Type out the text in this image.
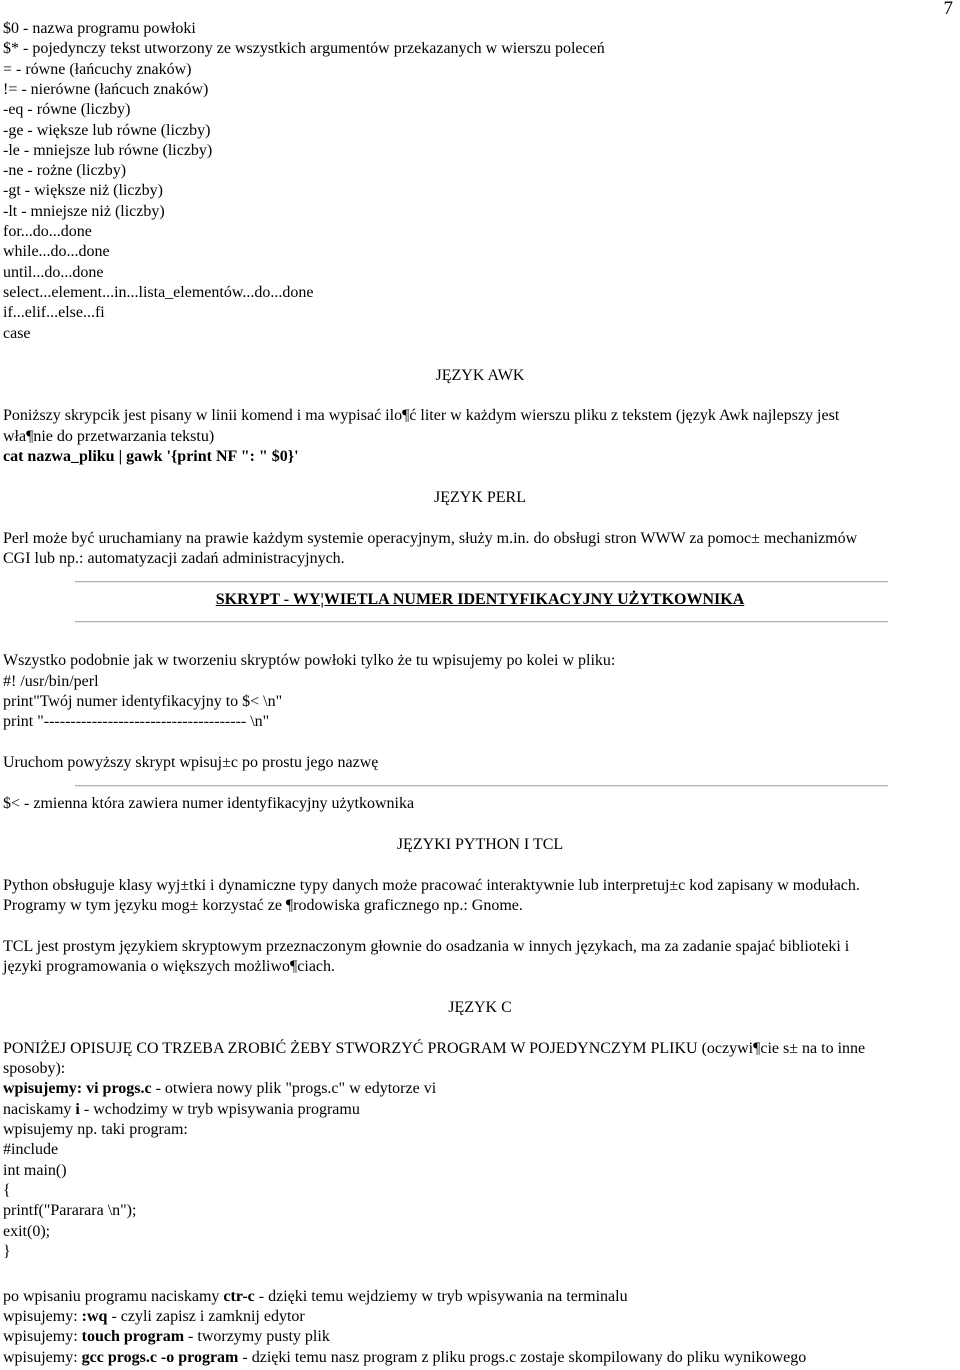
7
$0 - nazwa programu powłoki
$* - pojedynczy tekst utworzony ze wszystkich argumentów przekazanych w wierszu poleceń
= - równe (łańcuchy znaków)
!= - nierówne (łańcuch znaków)
-eq - równe (liczby)
-ge - większe lub równe (liczby)
-le - mniejsze lub równe (liczby)
-ne - rożne (liczby)
-gt - większe niż (liczby)
-lt - mniejsze niż (liczby)
for...do...done
while...do...done
until...do...done
select...element...in...lista_elementów...do...done
if...elif...else...fi
case
JĘZYK AWK
Poniższy skrypcik jest pisany w linii komend i ma wypisać ilo¶ć liter w każdym wierszu pliku z tekstem (język Awk najlepszy jest
wła¶nie do przetwarzania tekstu)
cat nazwa_pliku | gawk '{print NF ": " $0}'
JĘZYK PERL
Perl może być uruchamiany na prawie każdym systemie operacyjnym, służy m.in. do obsługi stron WWW za pomoc± mechanizmów
CGI lub np.: automatyzacji zadań administracyjnych.
SKRYPT - WY¦WIETLA NUMER IDENTYFIKACYJNY UŻYTKOWNIKA
Wszystko podobnie jak w tworzeniu skryptów powłoki tylko że tu wpisujemy po kolei w pliku:
#! /usr/bin/perl
print"Twój numer identyfikacyjny to $< \n"
print "-------------------------------------- \n"
Uruchom powyższy skrypt wpisuj±c po prostu jego nazwę
$< - zmienna która zawiera numer identyfikacyjny użytkownika
JĘZYKI PYTHON I TCL
Python obsługuje klasy wyj±tki i dynamiczne typy danych może pracować interaktywnie lub interpretuj±c kod zapisany w modułach.
Programy w tym języku mog± korzystać ze ¶rodowiska graficznego np.: Gnome.
TCL jest prostym językiem skryptowym przeznaczonym głownie do osadzania w innych językach, ma za zadanie spajać biblioteki i
języki programowania o większych możliwo¶ciach.
JĘZYK C
PONIŻEJ OPISUJĘ CO TRZEBA ZROBIĆ ŻEBY STWORZYĆ PROGRAM W POJEDYNCZYM PLIKU (oczywi¶cie s± na to inne
sposoby):
wpisujemy: vi progs.c - otwiera nowy plik "progs.c" w edytorze vi
naciskamy i - wchodzimy w tryb wpisywania programu
wpisujemy np. taki program:
#include
int main()
{
printf("Pararara \n");
exit(0);
}
po wpisaniu programu naciskamy ctr-c - dzięki temu wejdziemy w tryb wpisywania na terminalu
wpisujemy: :wq - czyli zapisz i zamknij edytor
wpisujemy: touch program - tworzymy pusty plik
wpisujemy: gcc progs.c -o program - dzięki temu nasz program z pliku progs.c zostaje skompilowany do pliku wynikowego
